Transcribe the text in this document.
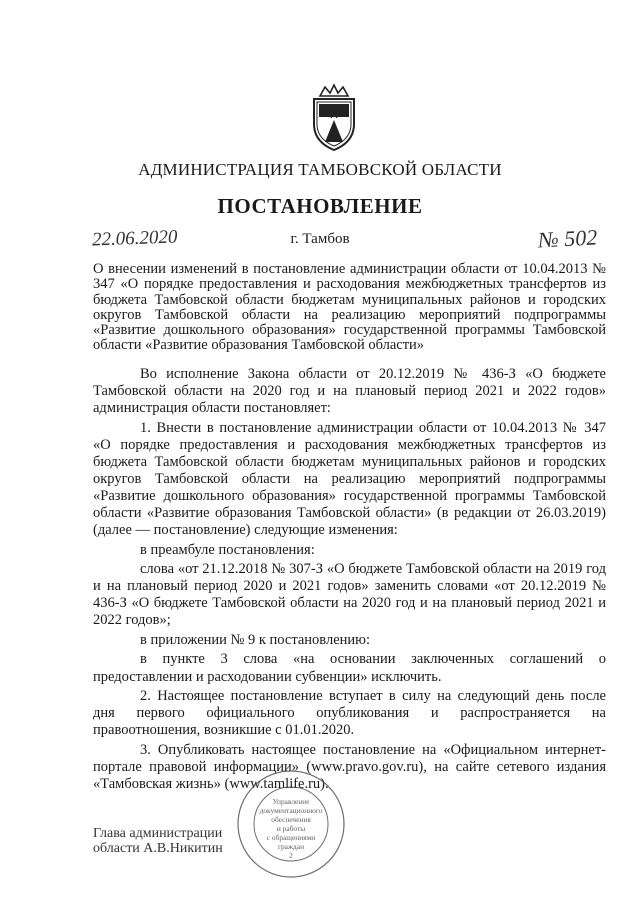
АДМИНИСТРАЦИЯ ТАМБОВСКОЙ ОБЛАСТИ
ПОСТАНОВЛЕНИЕ
22.06.2020	г. Тамбов	№ 502
О внесении изменений в постановление администрации области от 10.04.2013 № 347 «О порядке предоставления и расходования межбюджетных трансфертов из бюджета Тамбовской области бюджетам муниципальных районов и городских округов Тамбовской области на реализацию мероприятий подпрограммы «Развитие дошкольного образования» государственной программы Тамбовской области «Развитие образования Тамбовской области»

Во исполнение Закона области от 20.12.2019 № 436-З «О бюджете Тамбовской области на 2020 год и на плановый период 2021 и 2022 годов» администрация области постановляет:

1. Внести в постановление администрации области от 10.04.2013 № 347 «О порядке предоставления и расходования межбюджетных трансфертов из бюджета Тамбовской области бюджетам муниципальных районов и городских округов Тамбовской области на реализацию мероприятий подпрограммы «Развитие дошкольного образования» государственной программы Тамбовской области «Развитие образования Тамбовской области» (в редакции от 26.03.2019) (далее — постановление) следующие изменения:

в преамбуле постановления:

слова «от 21.12.2018 № 307-З «О бюджете Тамбовской области на 2019 год и на плановый период 2020 и 2021 годов» заменить словами «от 20.12.2019 № 436-З «О бюджете Тамбовской области на 2020 год и на плановый период 2021 и 2022 годов»;

в приложении № 9 к постановлению:

в пункте 3 слова «на основании заключенных соглашений о предоставлении и расходовании субвенции» исключить.

2. Настоящее постановление вступает в силу на следующий день после дня первого официального опубликования и распространяется на правоотношения, возникшие с 01.01.2020.

3. Опубликовать настоящее постановление на «Официальном интернет-портале правовой информации» (www.pravo.gov.ru), на сайте сетевого издания «Тамбовская жизнь» (www.tamlife.ru).

Глава администрации
области А.В.Никитин
Управление
документационного
обеспечения
и работы
с обращениями
граждан
2
